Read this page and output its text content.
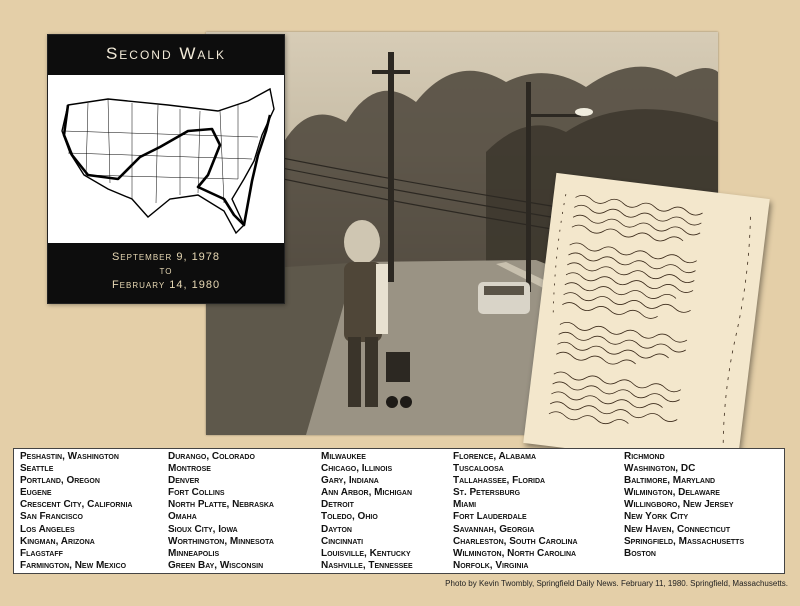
Second Walk
September 9, 1978
to
February 14, 1980
Peshastin, Washington
Seattle
Portland, Oregon
Eugene
Crescent City, California
San Francisco
Los Angeles
Kingman, Arizona
Flagstaff
Farmington, New Mexico
Durango, Colorado
Montrose
Denver
Fort Collins
North Platte, Nebraska
Omaha
Sioux City, Iowa
Worthington, Minnesota
Minneapolis
Green Bay, Wisconsin
Milwaukee
Chicago, Illinois
Gary, Indiana
Ann Arbor, Michigan
Detroit
Toledo, Ohio
Dayton
Cincinnati
Louisville, Kentucky
Nashville, Tennessee
Florence, Alabama
Tuscaloosa
Tallahassee, Florida
St. Petersburg
Miami
Fort Lauderdale
Savannah, Georgia
Charleston, South Carolina
Wilmington, North Carolina
Norfolk, Virginia
Richmond
Washington, DC
Baltimore, Maryland
Wilmington, Delaware
Willingboro, New Jersey
New York City
New Haven, Connecticut
Springfield, Massachusetts
Boston
Photo by Kevin Twombly, Springfield Daily News. February 11, 1980. Springfield, Massachusetts.
